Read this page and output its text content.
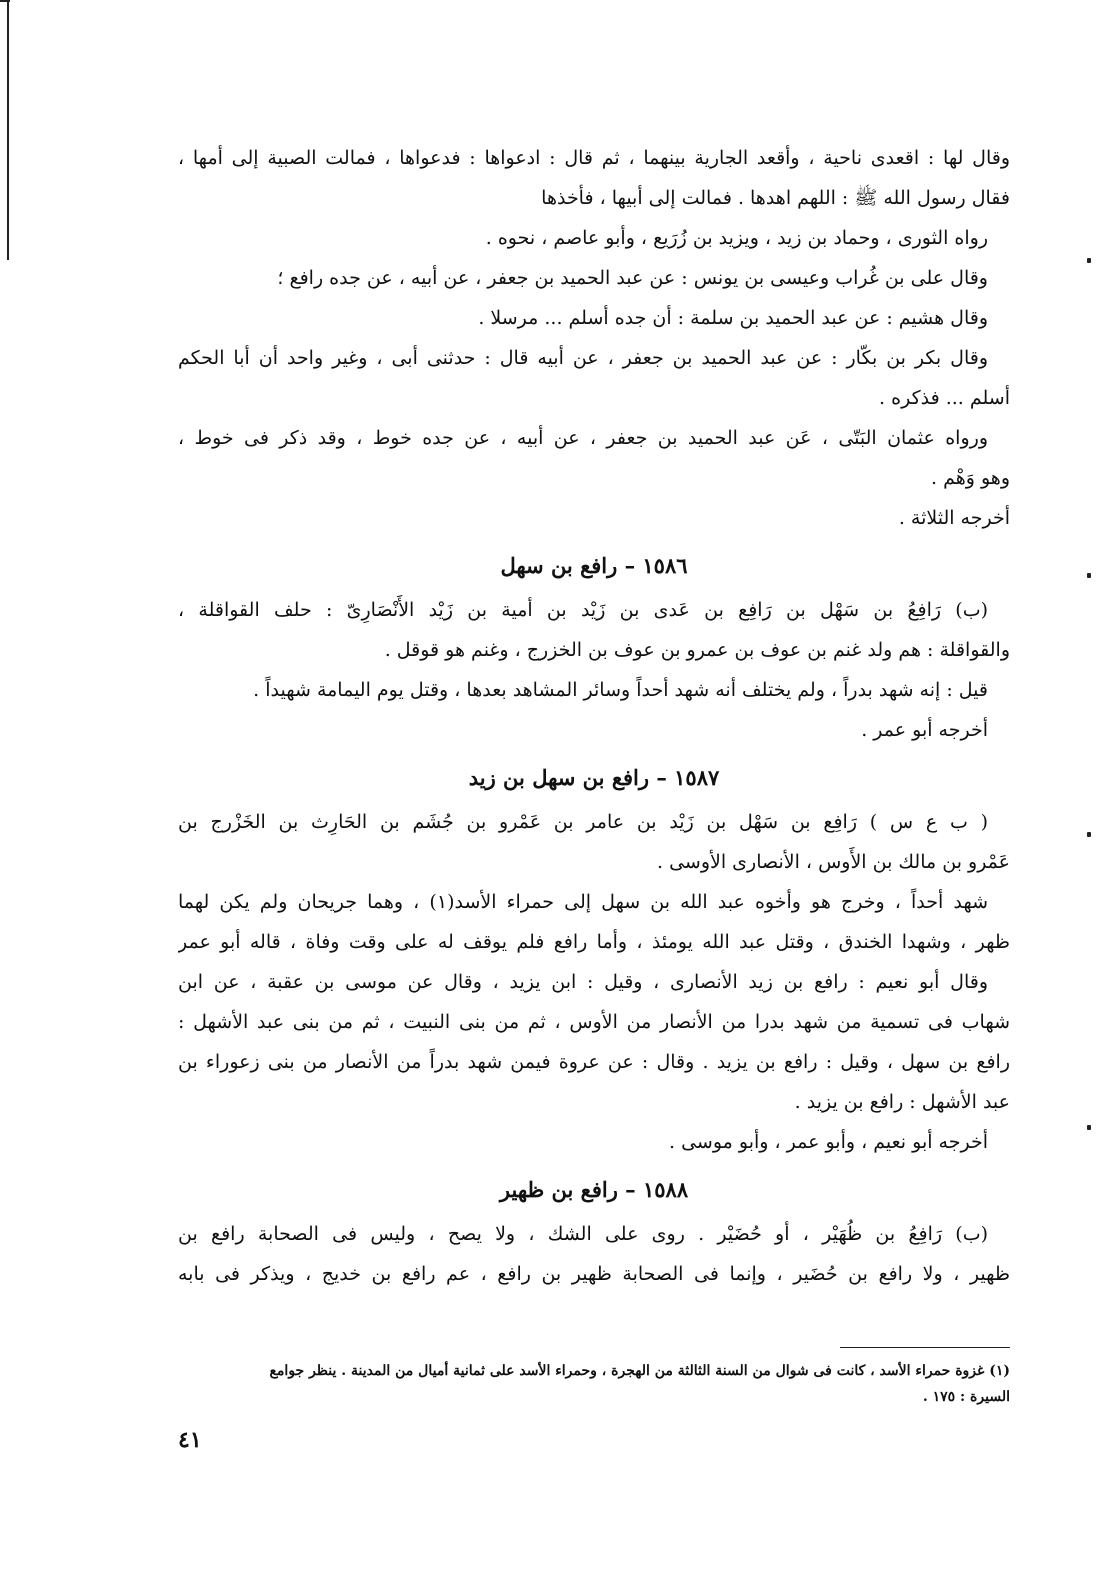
وقال لها : اقعدى ناحية ، وأقعد الجارية بينهما ، ثم قال : ادعواها : فدعواها ، فمالت الصبية إلى أمها ،

فقال رسول الله ﷺ : اللهم اهدها . فمالت إلى أبيها ، فأخذها

رواه الثورى ، وحماد بن زيد ، ويزيد بن زُرَيع ، وأبو عاصم ، نحوه .

وقال على بن غُراب وعيسى بن يونس : عن عبد الحميد بن جعفر ، عن أبيه ، عن جده رافع ؛

وقال هشيم : عن عبد الحميد بن سلمة : أن جده أسلم ... مرسلا .

وقال بكر بن بكّار : عن عبد الحميد بن جعفر ، عن أبيه قال : حدثنى أبى ، وغير واحد أن أبا الحكم

أسلم ... فذكره .

ورواه عثمان البَتّى ، عَن عبد الحميد بن جعفر ، عن أبيه ، عن جده خوط ، وقد ذكر فى خوط ،

وهو وَهْم .

أخرجه الثلاثة .

١٥٨٦ – رافع بن سهل

(ب) رَافِعُ بن سَهْل بن رَافِع بن عَدى بن زَيْد بن أمية بن زَيْد الأَنْصَارِىّ : حلف القواقلة ،

والقواقلة : هم ولد غنم بن عوف بن عمرو بن عوف بن الخزرج ، وغنم هو قوقل .

قيل : إنه شهد بدراً ، ولم يختلف أنه شهد أحداً وسائر المشاهد بعدها ، وقتل يوم اليمامة شهيداً .

أخرجه أبو عمر .

١٥٨٧ – رافع بن سهل بن زيد

( ب ع س ) رَافِع بن سَهْل بن زَيْد بن عامر بن عَمْرو بن جُشَم بن الحَارِث بن الخَزْرج بن

عَمْرو بن مالك بن الأَوس ، الأنصارى الأوسى .

شهد أحداً ، وخرج هو وأخوه عبد الله بن سهل إلى حمراء الأسد(١) ، وهما جريحان ولم يكن لهما

ظهر ، وشهدا الخندق ، وقتل عبد الله يومئذ ، وأما رافع فلم يوقف له على وقت وفاة ، قاله أبو عمر

وقال أبو نعيم : رافع بن زيد الأنصارى ، وقيل : ابن يزيد ، وقال عن موسى بن عقبة ، عن ابن

شهاب فى تسمية من شهد بدرا من الأنصار من الأوس ، ثم من بنى النبيت ، ثم من بنى عبد الأشهل :

رافع بن سهل ، وقيل : رافع بن يزيد . وقال : عن عروة فيمن شهد بدراً من الأنصار من بنى زعوراء بن

عبد الأشهل : رافع بن يزيد .

أخرجه أبو نعيم ، وأبو عمر ، وأبو موسى .

١٥٨٨ – رافع بن ظهير

(ب) رَافِعُ بن ظُهَيْر ، أو حُضَيْر . روى على الشك ، ولا يصح ، وليس فى الصحابة رافع بن

ظهير ، ولا رافع بن حُضَير ، وإنما فى الصحابة ظهير بن رافع ، عم رافع بن خديج ، ويذكر فى بابه

(١) غزوة حمراء الأسد ، كانت فى شوال من السنة الثالثة من الهجرة ، وحمراء الأسد على ثمانية أميال من المدينة . ينظر جوامع
السيرة : ١٧٥ .
٤١
